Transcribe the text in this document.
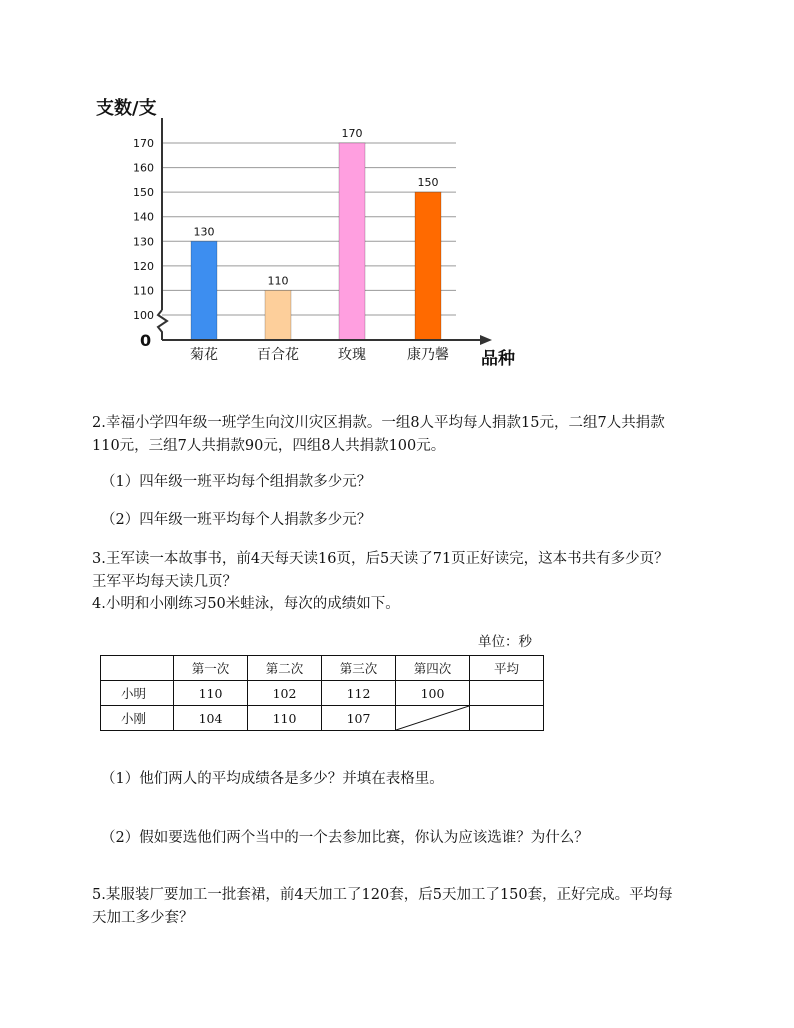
支数/支
品种
0
100
110
120
130
140
150
160
170
130
110
170
150
菊花	百合花	玫瑰	康乃馨
2.幸福小学四年级一班学生向汶川灾区捐款。一组8人平均每人捐款15元，二组7人共捐款
110元，三组7人共捐款90元，四组8人共捐款100元。
（1）四年级一班平均每个组捐款多少元？
（2）四年级一班平均每个人捐款多少元？
3.王军读一本故事书，前4天每天读16页，后5天读了71页正好读完，这本书共有多少页？
王军平均每天读几页？
4.小明和小刚练习50米蛙泳，每次的成绩如下。
单位：秒
	第一次	第二次	第三次	第四次	平均
小明	110	102	112	100	
小刚	104	110	107	

（1）他们两人的平均成绩各是多少？并填在表格里。
（2）假如要选他们两个当中的一个去参加比赛，你认为应该选谁？为什么？
5.某服装厂要加工一批套裙，前4天加工了120套，后5天加工了150套，正好完成。平均每
天加工多少套？
